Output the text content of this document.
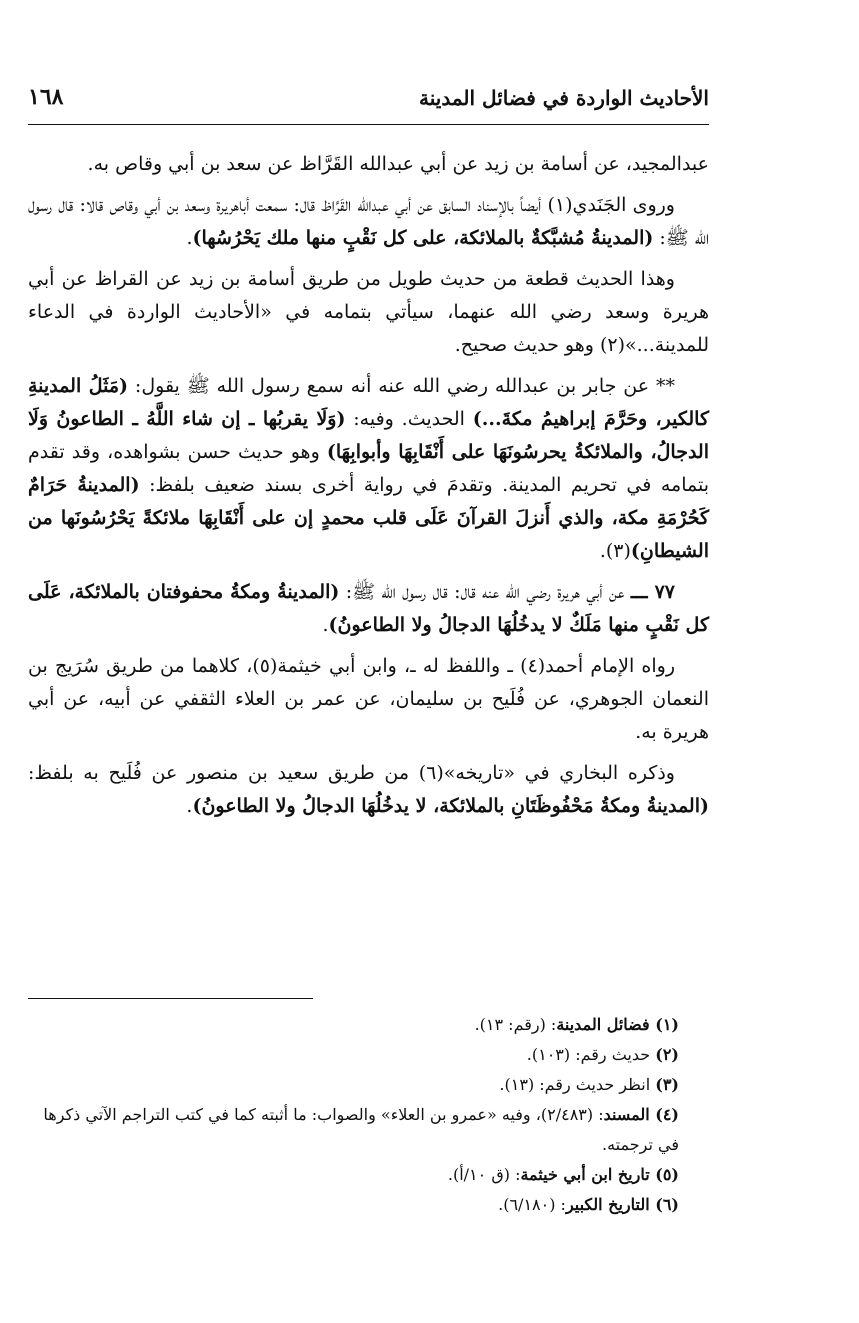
الأحاديث الواردة في فضائل المدينة
١٦٨

عبدالمجيد، عن أسامة بن زيد عن أبي عبدالله القَرَّاظ عن سعد بن أبي وقاص به.

وروى الجَنَدي(١) أيضاً بالإسناد السابق عن أبي عبدالله القَرَّاظ قال: سمعت أباهريرة وسعد بن أبي وقاص قالا: قال رسول الله ﷺ: (المدينةُ مُشبَّكةٌ بالملائكة، على كل نَقْبٍ منها ملك يَحْرُسُها).

وهذا الحديث قطعة من حديث طويل من طريق أسامة بن زيد عن القراظ عن أبي هريرة وسعد رضي الله عنهما، سيأتي بتمامه في «الأحاديث الواردة في الدعاء للمدينة...»(٢) وهو حديث صحيح.

** عن جابر بن عبدالله رضي الله عنه أنه سمع رسول الله ﷺ يقول: (مَثَلُ المدينةِ كالكير، وحَرَّمَ إبراهيمُ مكةَ...) الحديث. وفيه: (وَلَا يقربُها ـ إن شاء اللَّهُ ـ الطاعونُ وَلَا الدجالُ، والملائكةُ يحرسُونَهَا على أَنْقَابِهَا وأبوابِهَا) وهو حديث حسن بشواهده، وقد تقدم بتمامه في تحريم المدينة. وتقدمَ في رواية أخرى بسند ضعيف بلفظ: (المدينةُ حَرَامٌ كَحُرْمَةِ مكة، والذي أَنزلَ القرآنَ عَلَى قلب محمدٍ إن على أَنْقَابِهَا ملائكةً يَحْرُسُونَها من الشيطانِ)(٣).

٧٧ ـــ عن أبي هريرة رضي الله عنه قال: قال رسول الله ﷺ: (المدينةُ ومكةُ محفوفتان بالملائكة، عَلَى كل نَقْبٍ منها مَلَكٌ لا يدخُلُهَا الدجالُ ولا الطاعونُ).

رواه الإمام أحمد(٤) ـ واللفظ له ـ، وابن أبي خيثمة(٥)، كلاهما من طريق سُرَيج بن النعمان الجوهري، عن فُلَيح بن سليمان، عن عمر بن العلاء الثقفي عن أبيه، عن أبي هريرة به.

وذكره البخاري في «تاريخه»(٦) من طريق سعيد بن منصور عن فُلَيح به بلفظ: (المدينةُ ومكةُ مَحْفُوظَتَانِ بالملائكة، لا يدخُلُهَا الدجالُ ولا الطاعونُ).

(١) فضائل المدينة: (رقم: ١٣).

(٢) حديث رقم: (١٠٣).

(٣) انظر حديث رقم: (١٣).

(٤) المسند: (٢/٤٨٣)، وفيه «عمرو بن العلاء» والصواب: ما أثبته كما في كتب التراجم الآتي ذكرها في ترجمته.

(٥) تاريخ ابن أبي خيثمة: (ق ١٠/أ).

(٦) التاريخ الكبير: (٦/١٨٠).
